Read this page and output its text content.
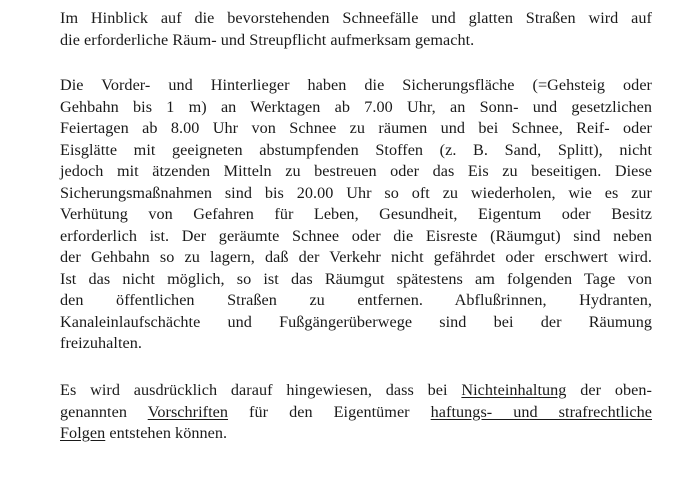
Im Hinblick auf die bevorstehenden Schneefälle und glatten Straßen wird auf
die erforderliche Räum- und Streupflicht aufmerksam gemacht.
Die Vorder- und Hinterlieger haben die Sicherungsfläche (=Gehsteig oder
Gehbahn bis 1 m) an Werktagen ab 7.00 Uhr, an Sonn- und gesetzlichen
Feiertagen ab 8.00 Uhr von Schnee zu räumen und bei Schnee, Reif- oder
Eisglätte mit geeigneten abstumpfenden Stoffen (z. B. Sand, Splitt), nicht
jedoch mit ätzenden Mitteln zu bestreuen oder das Eis zu beseitigen. Diese
Sicherungsmaßnahmen sind bis 20.00 Uhr so oft zu wiederholen, wie es zur
Verhütung von Gefahren für Leben, Gesundheit, Eigentum oder Besitz
erforderlich ist. Der geräumte Schnee oder die Eisreste (Räumgut) sind neben
der Gehbahn so zu lagern, daß der Verkehr nicht gefährdet oder erschwert wird.
Ist das nicht möglich, so ist das Räumgut spätestens am folgenden Tage von
den öffentlichen Straßen zu entfernen. Abflußrinnen, Hydranten,
Kanaleinlaufschächte und Fußgängerüberwege sind bei der Räumung
freizuhalten.
Es wird ausdrücklich darauf hingewiesen, dass bei Nichteinhaltung der oben-
genannten Vorschriften für den Eigentümer haftungs- und strafrechtliche
Folgen entstehen können.
